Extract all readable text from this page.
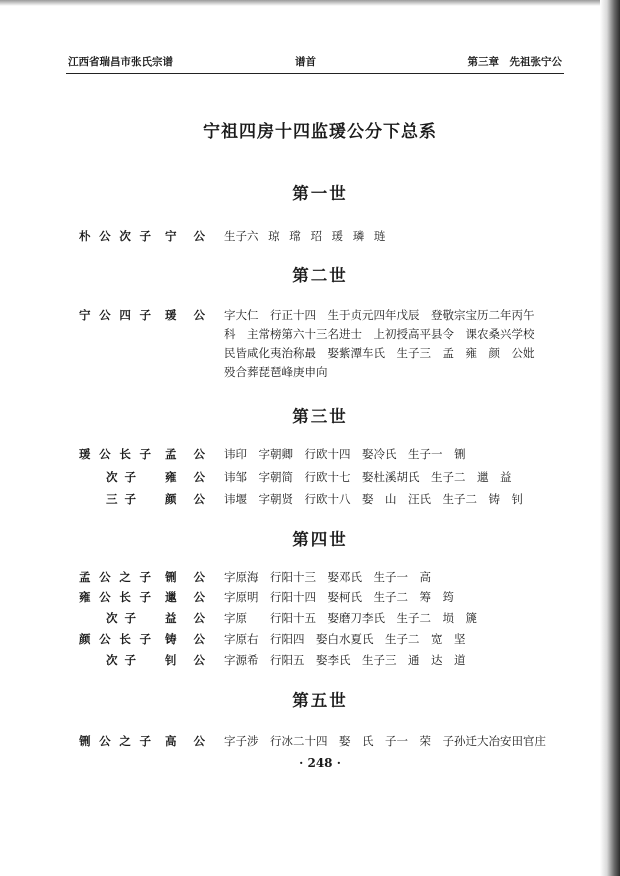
江西省瑞昌市张氏宗谱	谱首	第三章　先祖张宁公
宁祖四房十四监瑗公分下总系
第一世
朴公次子 宁公 生子六 琼 瑺 玿 瑗 璘 琏
第二世
宁公四子 瑗公 字大仁　行正十四　生于贞元四年戊辰　登敬宗宝历二年丙午
科　主常榜第六十三名进士　上初授高平县令　课农桑兴学校
民皆咸化夷治称最　娶紫潭车氏　生子三　孟　雍　颜　公妣
殁合葬琵琶峰庚申向
第三世
瑗公长子 孟公 讳印　字朝卿　行欧十四　娶冷氏　生子一　铏
次子	雍公 讳邹　字朝简　行欧十七　娶杜溪胡氏　生子二　邋　益
三子	颜公 讳堰　字朝贤　行欧十八　娶　山　汪氏　生子二　铸　钊
第四世
孟公之子 铏公 字原海　行阳十三　娶邓氏　生子一　高
雍公长子 邋公 字原明　行阳十四　娶柯氏　生子二　筹　筠
次子	益公 字原　　行阳十五　娶磨刀李氏　生子二　埙　篪
颜公长子 铸公 字原右　行阳四　娶白水夏氏　生子二　宽　坚
次子	钊公 字源希　行阳五　娶李氏　生子三　通　达　道
第五世
铏公之子 高公 字子涉　行冰二十四　娶　氏　子一　荣　子孙迁大冶安田官庄
· 248 ·
